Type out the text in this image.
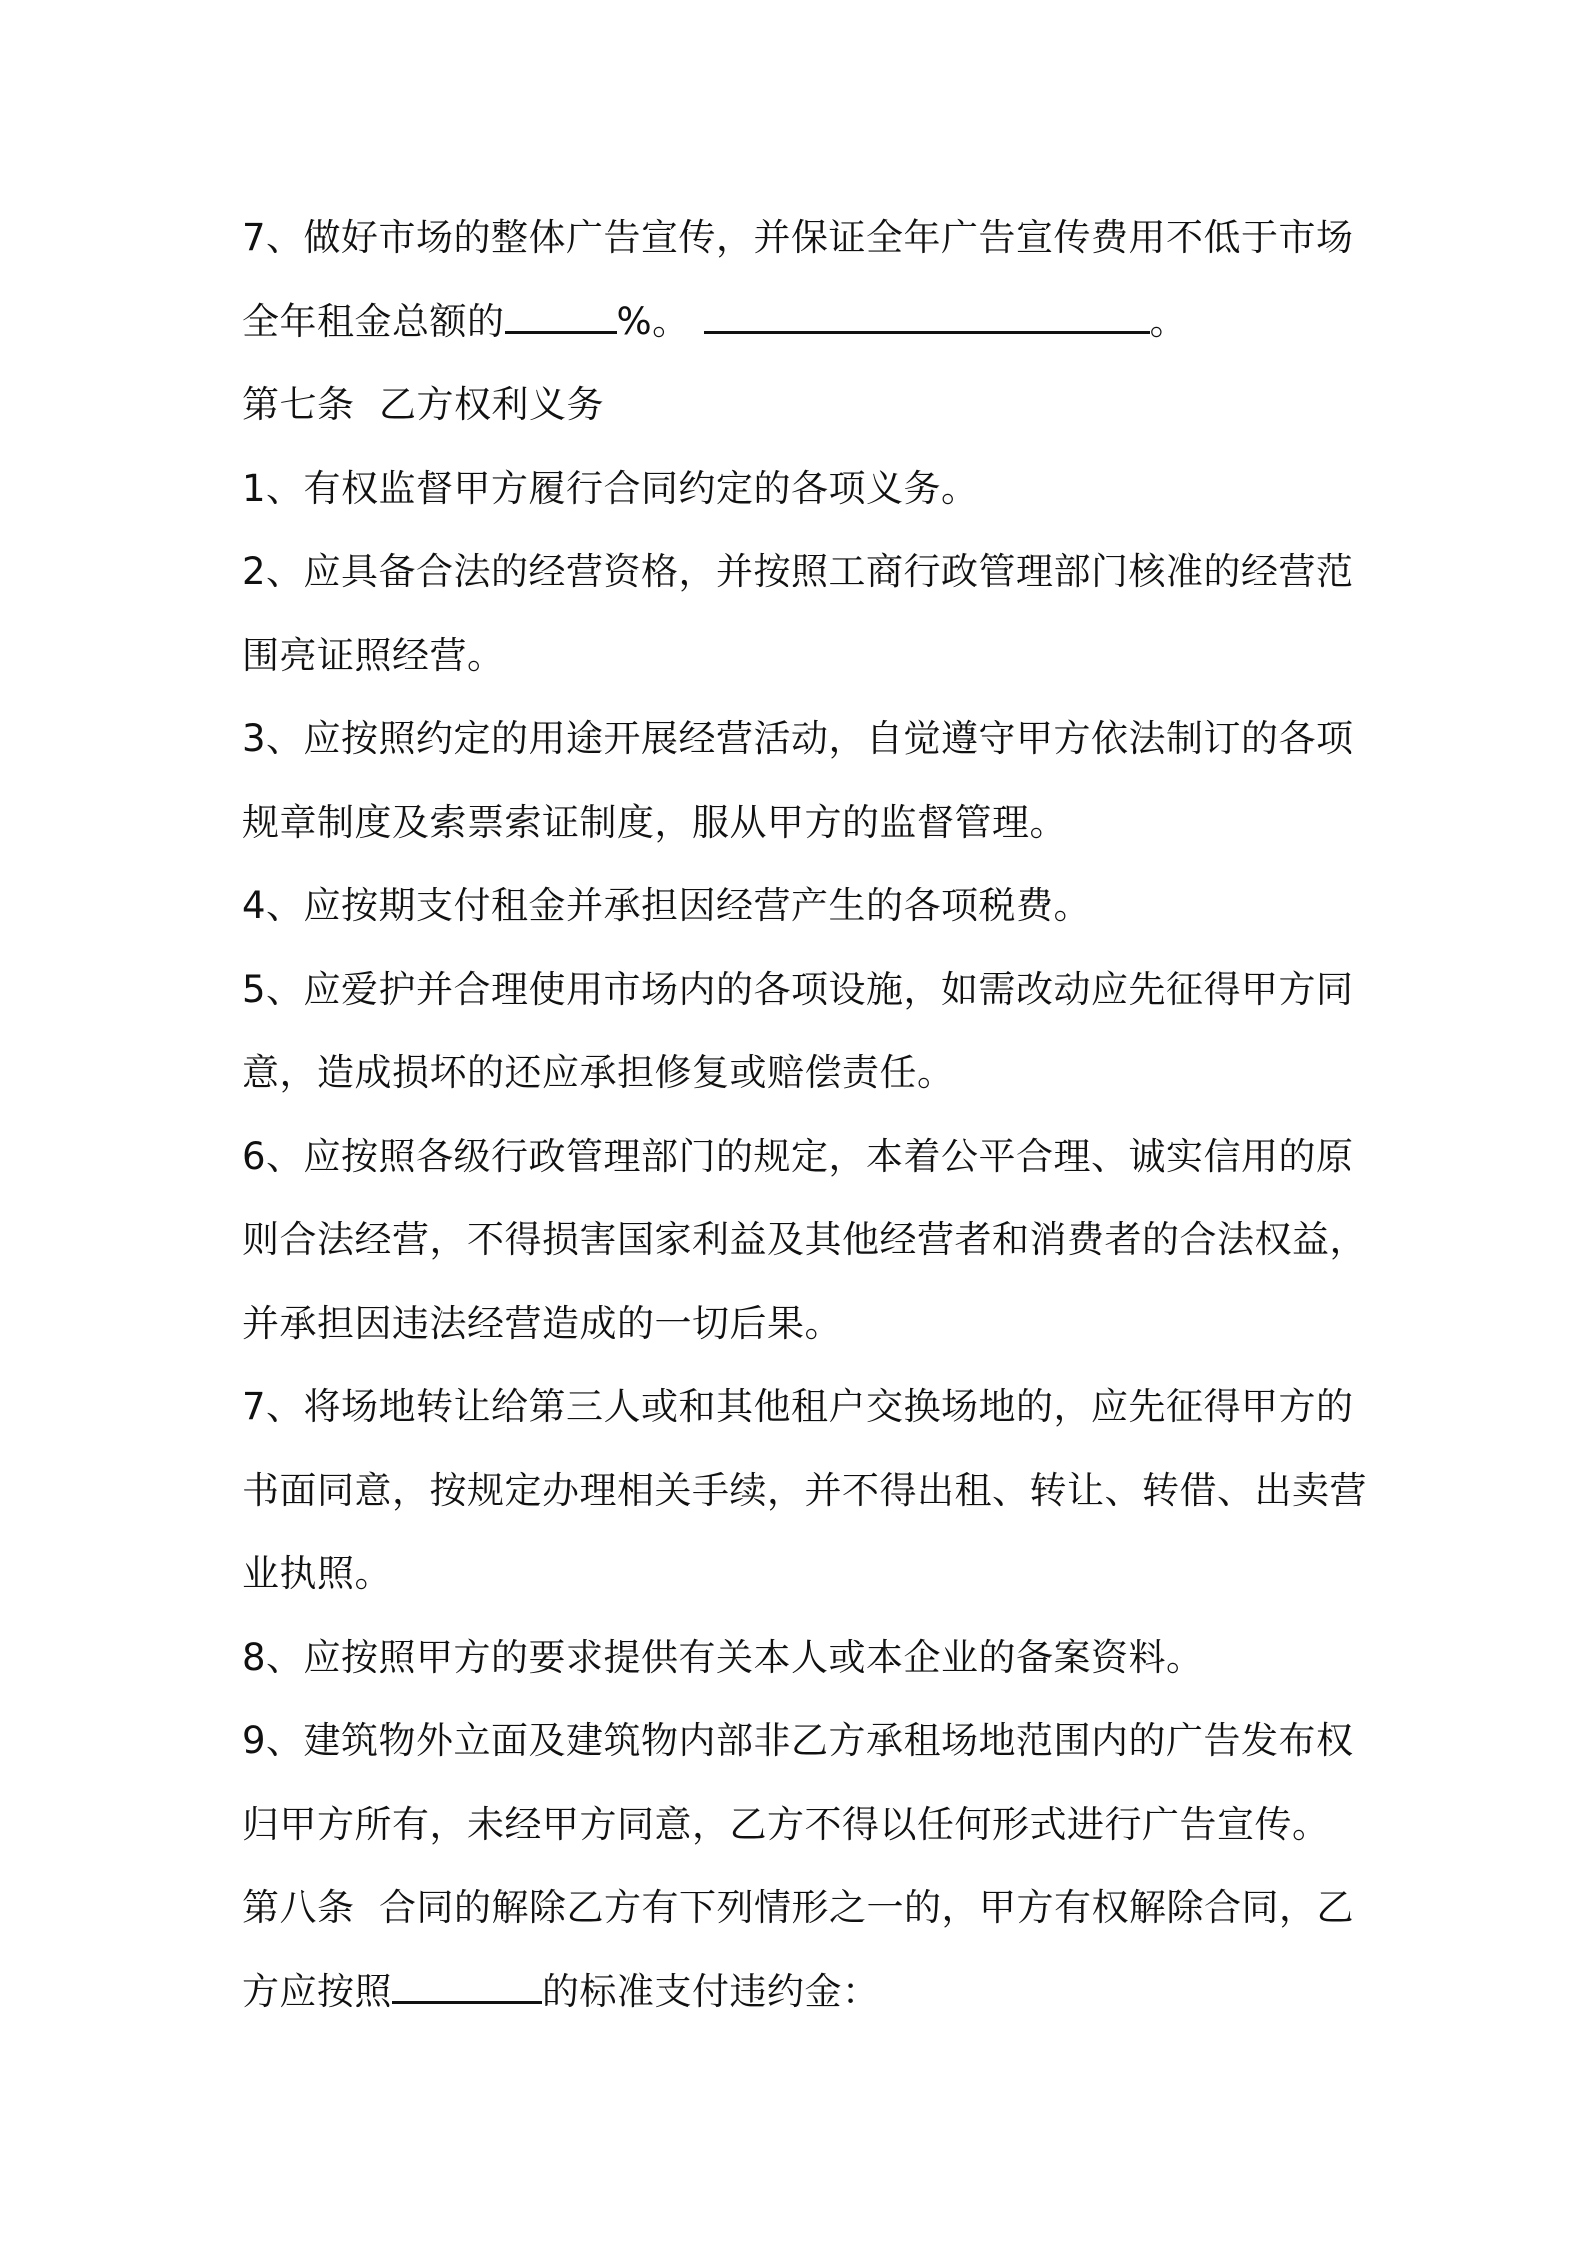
7、做好市场的整体广告宣传，并保证全年广告宣传费用不低于市场
全年租金总额的	%。	。
第七条  乙方权利义务
1、有权监督甲方履行合同约定的各项义务。
2、应具备合法的经营资格，并按照工商行政管理部门核准的经营范
围亮证照经营。
3、应按照约定的用途开展经营活动，自觉遵守甲方依法制订的各项
规章制度及索票索证制度，服从甲方的监督管理。
4、应按期支付租金并承担因经营产生的各项税费。
5、应爱护并合理使用市场内的各项设施，如需改动应先征得甲方同
意，造成损坏的还应承担修复或赔偿责任。
6、应按照各级行政管理部门的规定，本着公平合理、诚实信用的原
则合法经营，不得损害国家利益及其他经营者和消费者的合法权益，
并承担因违法经营造成的一切后果。
7、将场地转让给第三人或和其他租户交换场地的，应先征得甲方的
书面同意，按规定办理相关手续，并不得出租、转让、转借、出卖营
业执照。
8、应按照甲方的要求提供有关本人或本企业的备案资料。
9、建筑物外立面及建筑物内部非乙方承租场地范围内的广告发布权
归甲方所有，未经甲方同意，乙方不得以任何形式进行广告宣传。
第八条  合同的解除乙方有下列情形之一的，甲方有权解除合同，乙
方应按照	的标准支付违约金：
